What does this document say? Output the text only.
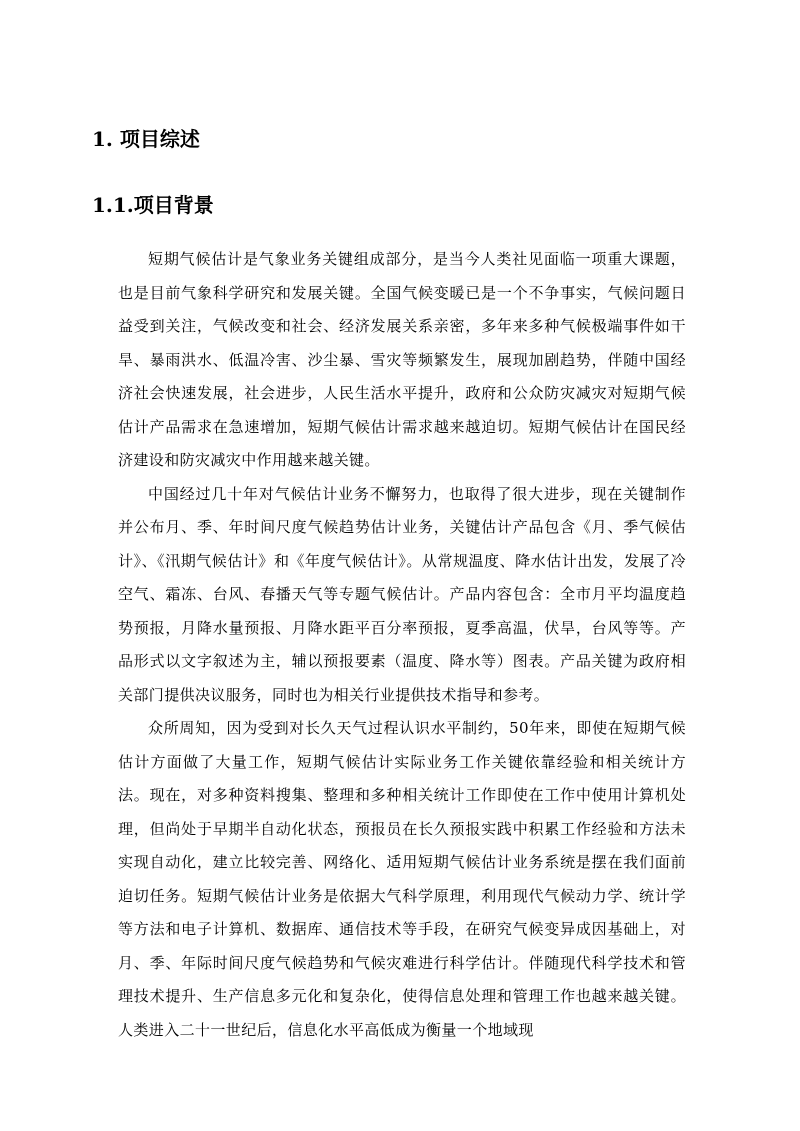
1. 项目综述
1.1.项目背景

短期气候估计是气象业务关键组成部分，是当今人类社见面临一项重大课题，也是目前气象科学研究和发展关键。全国气候变暖已是一个不争事实，气候问题日益受到关注，气候改变和社会、经济发展关系亲密，多年来多种气候极端事件如干旱、暴雨洪水、低温冷害、沙尘暴、雪灾等频繁发生，展现加剧趋势，伴随中国经济社会快速发展，社会进步，人民生活水平提升，政府和公众防灾减灾对短期气候估计产品需求在急速增加，短期气候估计需求越来越迫切。短期气候估计在国民经济建设和防灾减灾中作用越来越关键。

中国经过几十年对气候估计业务不懈努力，也取得了很大进步，现在关键制作并公布月、季、年时间尺度气候趋势估计业务，关键估计产品包含《月、季气候估计》、《汛期气候估计》和《年度气候估计》。从常规温度、降水估计出发，发展了冷空气、霜冻、台风、春播天气等专题气候估计。产品内容包含：全市月平均温度趋势预报，月降水量预报、月降水距平百分率预报，夏季高温，伏旱，台风等等。产品形式以文字叙述为主，辅以预报要素（温度、降水等）图表。产品关键为政府相关部门提供决议服务，同时也为相关行业提供技术指导和参考。

众所周知，因为受到对长久天气过程认识水平制约，50年来，即使在短期气候估计方面做了大量工作，短期气候估计实际业务工作关键依靠经验和相关统计方法。现在，对多种资料搜集、整理和多种相关统计工作即使在工作中使用计算机处理，但尚处于早期半自动化状态，预报员在长久预报实践中积累工作经验和方法未实现自动化，建立比较完善、网络化、适用短期气候估计业务系统是摆在我们面前迫切任务。短期气候估计业务是依据大气科学原理，利用现代气候动力学、统计学等方法和电子计算机、数据库、通信技术等手段，在研究气候变异成因基础上，对月、季、年际时间尺度气候趋势和气候灾难进行科学估计。伴随现代科学技术和管理技术提升、生产信息多元化和复杂化，使得信息处理和管理工作也越来越关键。人类进入二十一世纪后，信息化水平高低成为衡量一个地域现
